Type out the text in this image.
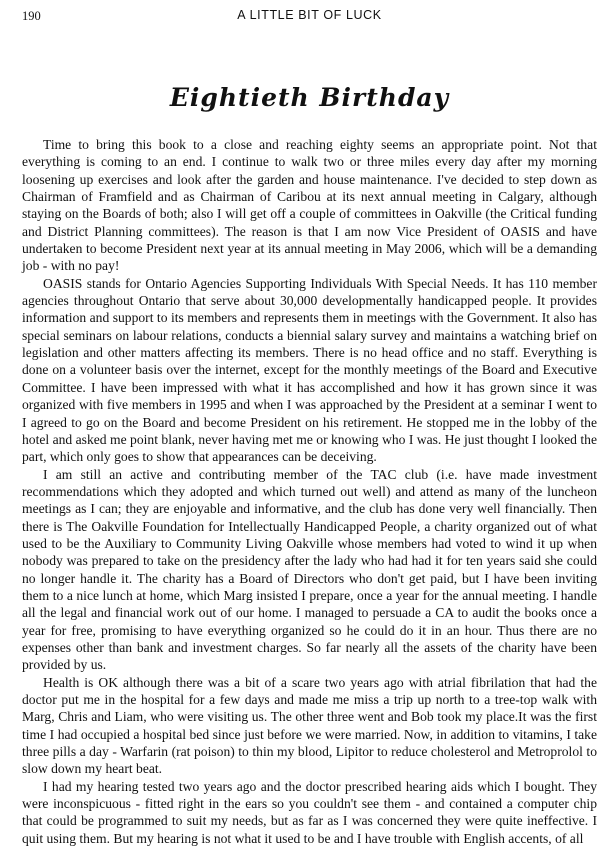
190	A LITTLE BIT OF LUCK
Eightieth Birthday

Time to bring this book to a close and reaching eighty seems an appropriate point. Not that everything is coming to an end. I continue to walk two or three miles every day after my morning loosening up exercises and look after the garden and house maintenance. I've decided to step down as Chairman of Framfield and as Chairman of Caribou at its next annual meeting in Calgary, although staying on the Boards of both; also I will get off a couple of committees in Oakville (the Critical funding and District Planning committees). The reason is that I am now Vice President of OASIS and have undertaken to become President next year at its annual meeting in May 2006, which will be a demanding job - with no pay!

OASIS stands for Ontario Agencies Supporting Individuals With Special Needs. It has 110 member agencies throughout Ontario that serve about 30,000 developmentally handicapped people. It provides information and support to its members and represents them in meetings with the Government. It also has special seminars on labour relations, conducts a biennial salary survey and maintains a watching brief on legislation and other matters affecting its members. There is no head office and no staff. Everything is done on a volunteer basis over the internet, except for the monthly meetings of the Board and Executive Committee. I have been impressed with what it has accomplished and how it has grown since it was organized with five members in 1995 and when I was approached by the President at a seminar I went to I agreed to go on the Board and become President on his retirement. He stopped me in the lobby of the hotel and asked me point blank, never having met me or knowing who I was. He just thought I looked the part, which only goes to show that appearances can be deceiving.

I am still an active and contributing member of the TAC club (i.e. have made investment recommendations which they adopted and which turned out well) and attend as many of the luncheon meetings as I can; they are enjoyable and informative, and the club has done very well financially. Then there is The Oakville Foundation for Intellectually Handicapped People, a charity organized out of what used to be the Auxiliary to Community Living Oakville whose members had voted to wind it up when nobody was prepared to take on the presidency after the lady who had had it for ten years said she could no longer handle it. The charity has a Board of Directors who don't get paid, but I have been inviting them to a nice lunch at home, which Marg insisted I prepare, once a year for the annual meeting. I handle all the legal and financial work out of our home. I managed to persuade a CA to audit the books once a year for free, promising to have everything organized so he could do it in an hour. Thus there are no expenses other than bank and investment charges. So far nearly all the assets of the charity have been provided by us.

Health is OK although there was a bit of a scare two years ago with atrial fibrilation that had the doctor put me in the hospital for a few days and made me miss a trip up north to a tree-top walk with Marg, Chris and Liam, who were visiting us. The other three went and Bob took my place.It was the first time I had occupied a hospital bed since just before we were married. Now, in addition to vitamins, I take three pills a day - Warfarin (rat poison) to thin my blood, Lipitor to reduce cholesterol and Metroprolol to slow down my heart beat.

I had my hearing tested two years ago and the doctor prescribed hearing aids which I bought. They were inconspicuous - fitted right in the ears so you couldn't see them - and contained a computer chip that could be programmed to suit my needs, but as far as I was concerned they were quite ineffective. I quit using them. But my hearing is not what it used to be and I have trouble with English accents, of all
